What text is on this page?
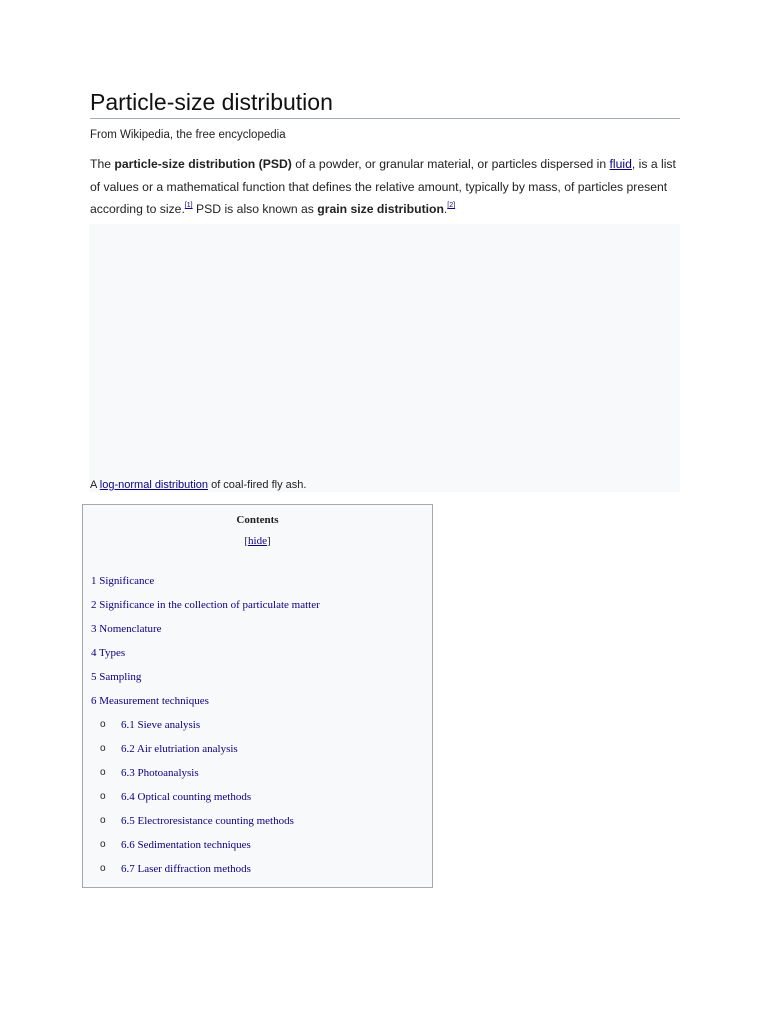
Particle-size distribution
From Wikipedia, the free encyclopedia

The particle-size distribution (PSD) of a powder, or granular material, or particles dispersed in fluid, is a list of values or a mathematical function that defines the relative amount, typically by mass, of particles present according to size.[1] PSD is also known as grain size distribution.[2]

A log-normal distribution of coal-fired fly ash.
Contents
[hide]
1 Significance
2 Significance in the collection of particulate matter
3 Nomenclature
4 Types
5 Sampling
6 Measurement techniques
o 6.1 Sieve analysis
o 6.2 Air elutriation analysis
o 6.3 Photoanalysis
o 6.4 Optical counting methods
o 6.5 Electroresistance counting methods
o 6.6 Sedimentation techniques
o 6.7 Laser diffraction methods
